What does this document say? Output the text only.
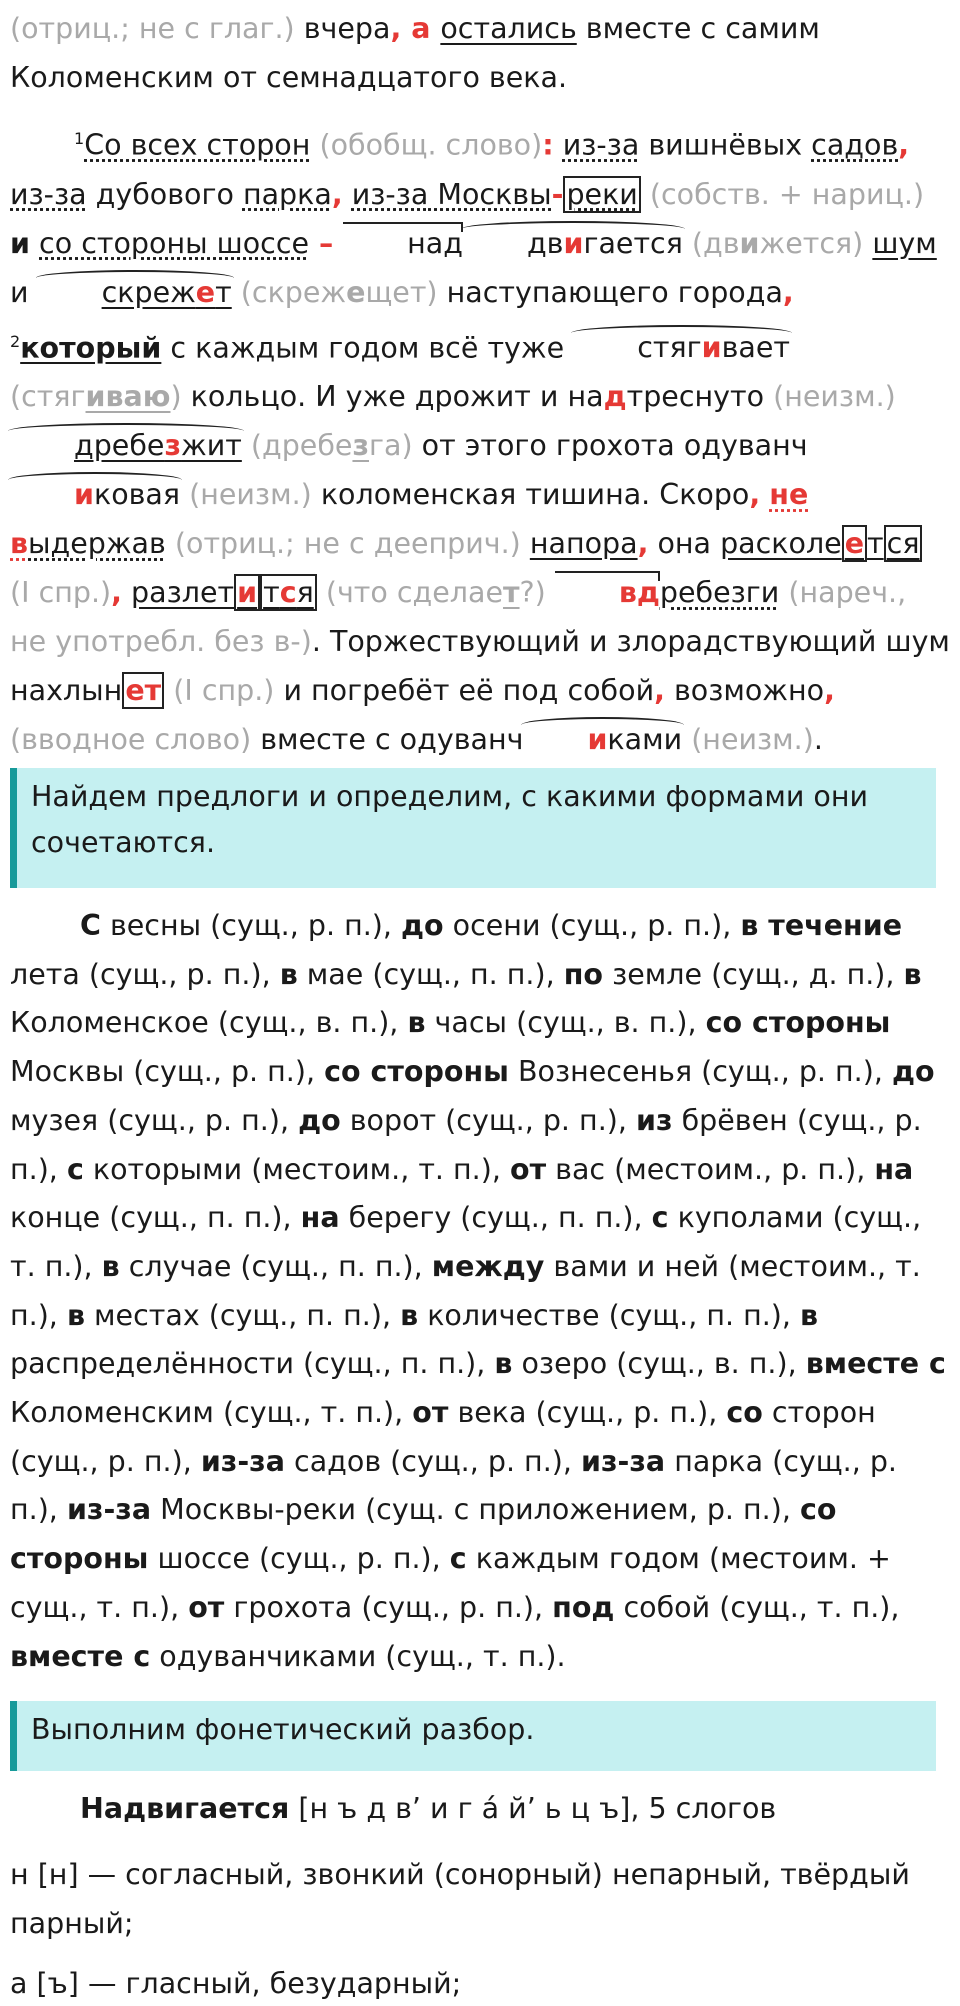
(отриц.; не с глаг.) вчера, а остались вместе с самим Коломенским от семнадцатого века.

$^1$Со всех сторон (обобщ. слово): из-за вишнёвых садов, из-за дубового парка, из-за Москвы- реки (собств. + нариц.) и со стороны шоссе – над двигается (движется) шум и скрежет (скрежещет) наступающего города, $^2$который с каждым годом всё туже стягивает (стягиваю) кольцо. И уже дрожит и надтреснуто (неизм.) дребезжит (дребезга) от этого грохота одуванчиковая (неизм.) коломенская тишина. Скоро, не выдержав (отриц.; не с дееприч.) напора, она расколе е т ся (I спр.), разлет и тся (что сделает?)	вдребезги (нареч., не употребл. без в-). Торжествующий и злорадствующий шум нахлын ет (I спр.) и погребёт её под собой, возможно, (вводное слово) вместе с одуванч иками (неизм.).

Найдем предлоги и определим, с какими формами они сочетаются.

С весны (сущ., р. п.), до осени (сущ., р. п.), в течение лета (сущ., р. п.), в мае (сущ., п. п.), по земле (сущ., д. п.), в Коломенское (сущ., в. п.), в часы (сущ., в. п.), со стороны Москвы (сущ., р. п.), со стороны Вознесенья (сущ., р. п.), до музея (сущ., р. п.), до ворот (сущ., р. п.), из брёвен (сущ., р. п.), с которыми (местоим., т. п.), от вас (местоим., р. п.), на конце (сущ., п. п.), на берегу (сущ., п. п.), с куполами (сущ., т. п.), в случае (сущ., п. п.), между вами и ней (местоим., т. п.), в местах (сущ., п. п.), в количестве (сущ., п. п.), в распределённости (сущ., п. п.), в озеро (сущ., в. п.), вместе с Коломенским (сущ., т. п.), от века (сущ., р. п.), со сторон (сущ., р. п.), из-за садов (сущ., р. п.), из-за парка (сущ., р. п.), из-за Москвы-реки (сущ. с приложением, р. п.), со стороны шоссе (сущ., р. п.), с каждым годом (местоим. + сущ., т. п.), от грохота (сущ., р. п.), под собой (сущ., т. п.), вместе с одуванчиками (сущ., т. п.).

Выполним фонетический разбор.

Надвигается [н ъ д в’ и г á й’ ь ц ъ], 5 слогов

н [н] — согласный, звонкий (сонорный) непарный, твёрдый парный;

а [ъ] — гласный, безударный;
